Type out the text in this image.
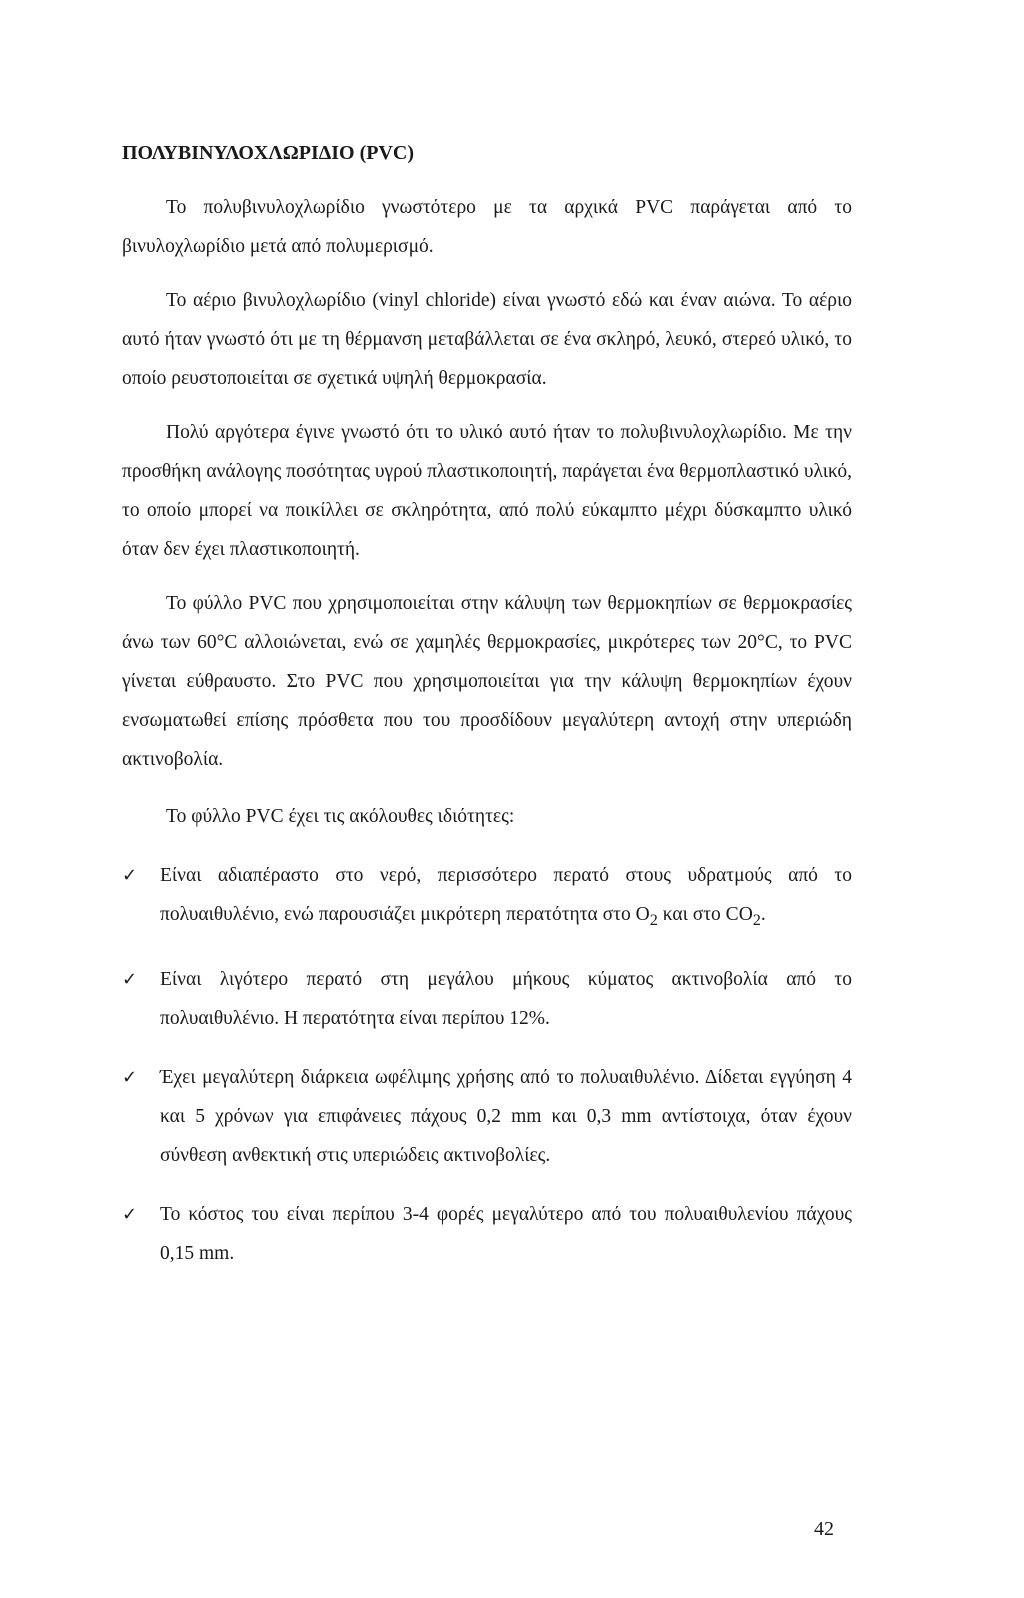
ΠΟΛΥΒΙΝΥΛΟΧΛΩΡΙΔΙΟ (PVC)

Το πολυβινυλοχλωρίδιο γνωστότερο με τα αρχικά PVC παράγεται από το βινυλοχλωρίδιο μετά από πολυμερισμό.

Το αέριο βινυλοχλωρίδιο (vinyl chloride) είναι γνωστό εδώ και έναν αιώνα. Το αέριο αυτό ήταν γνωστό ότι με τη θέρμανση μεταβάλλεται σε ένα σκληρό, λευκό, στερεό υλικό, το οποίο ρευστοποιείται σε σχετικά υψηλή θερμοκρασία.

Πολύ αργότερα έγινε γνωστό ότι το υλικό αυτό ήταν το πολυβινυλοχλωρίδιο. Με την προσθήκη ανάλογης ποσότητας υγρού πλαστικοποιητή, παράγεται ένα θερμοπλαστικό υλικό, το οποίο μπορεί να ποικίλλει σε σκληρότητα, από πολύ εύκαμπτο μέχρι δύσκαμπτο υλικό όταν δεν έχει πλαστικοποιητή.

Το φύλλο PVC που χρησιμοποιείται στην κάλυψη των θερμοκηπίων σε θερμοκρασίες άνω των 60°C αλλοιώνεται, ενώ σε χαμηλές θερμοκρασίες, μικρότερες των 20°C, το PVC γίνεται εύθραυστο. Στο PVC που χρησιμοποιείται για την κάλυψη θερμοκηπίων έχουν ενσωματωθεί επίσης πρόσθετα που του προσδίδουν μεγαλύτερη αντοχή στην υπεριώδη ακτινοβολία.

Το φύλλο PVC έχει τις ακόλουθες ιδιότητες:
✓ Είναι αδιαπέραστο στο νερό, περισσότερο περατό στους υδρατμούς από το πολυαιθυλένιο, ενώ παρουσιάζει μικρότερη περατότητα στο $O_2$ και στο $CO_2$.
✓ Είναι λιγότερο περατό στη μεγάλου μήκους κύματος ακτινοβολία από το πολυαιθυλένιο. Η περατότητα είναι περίπου 12%.
✓ Έχει μεγαλύτερη διάρκεια ωφέλιμης χρήσης από το πολυαιθυλένιο. Δίδεται εγγύηση 4 και 5 χρόνων για επιφάνειες πάχους 0,2 mm και 0,3 mm αντίστοιχα, όταν έχουν σύνθεση ανθεκτική στις υπεριώδεις ακτινοβολίες.
✓ Το κόστος του είναι περίπου 3-4 φορές μεγαλύτερο από του πολυαιθυλενίου πάχους 0,15 mm.
42
